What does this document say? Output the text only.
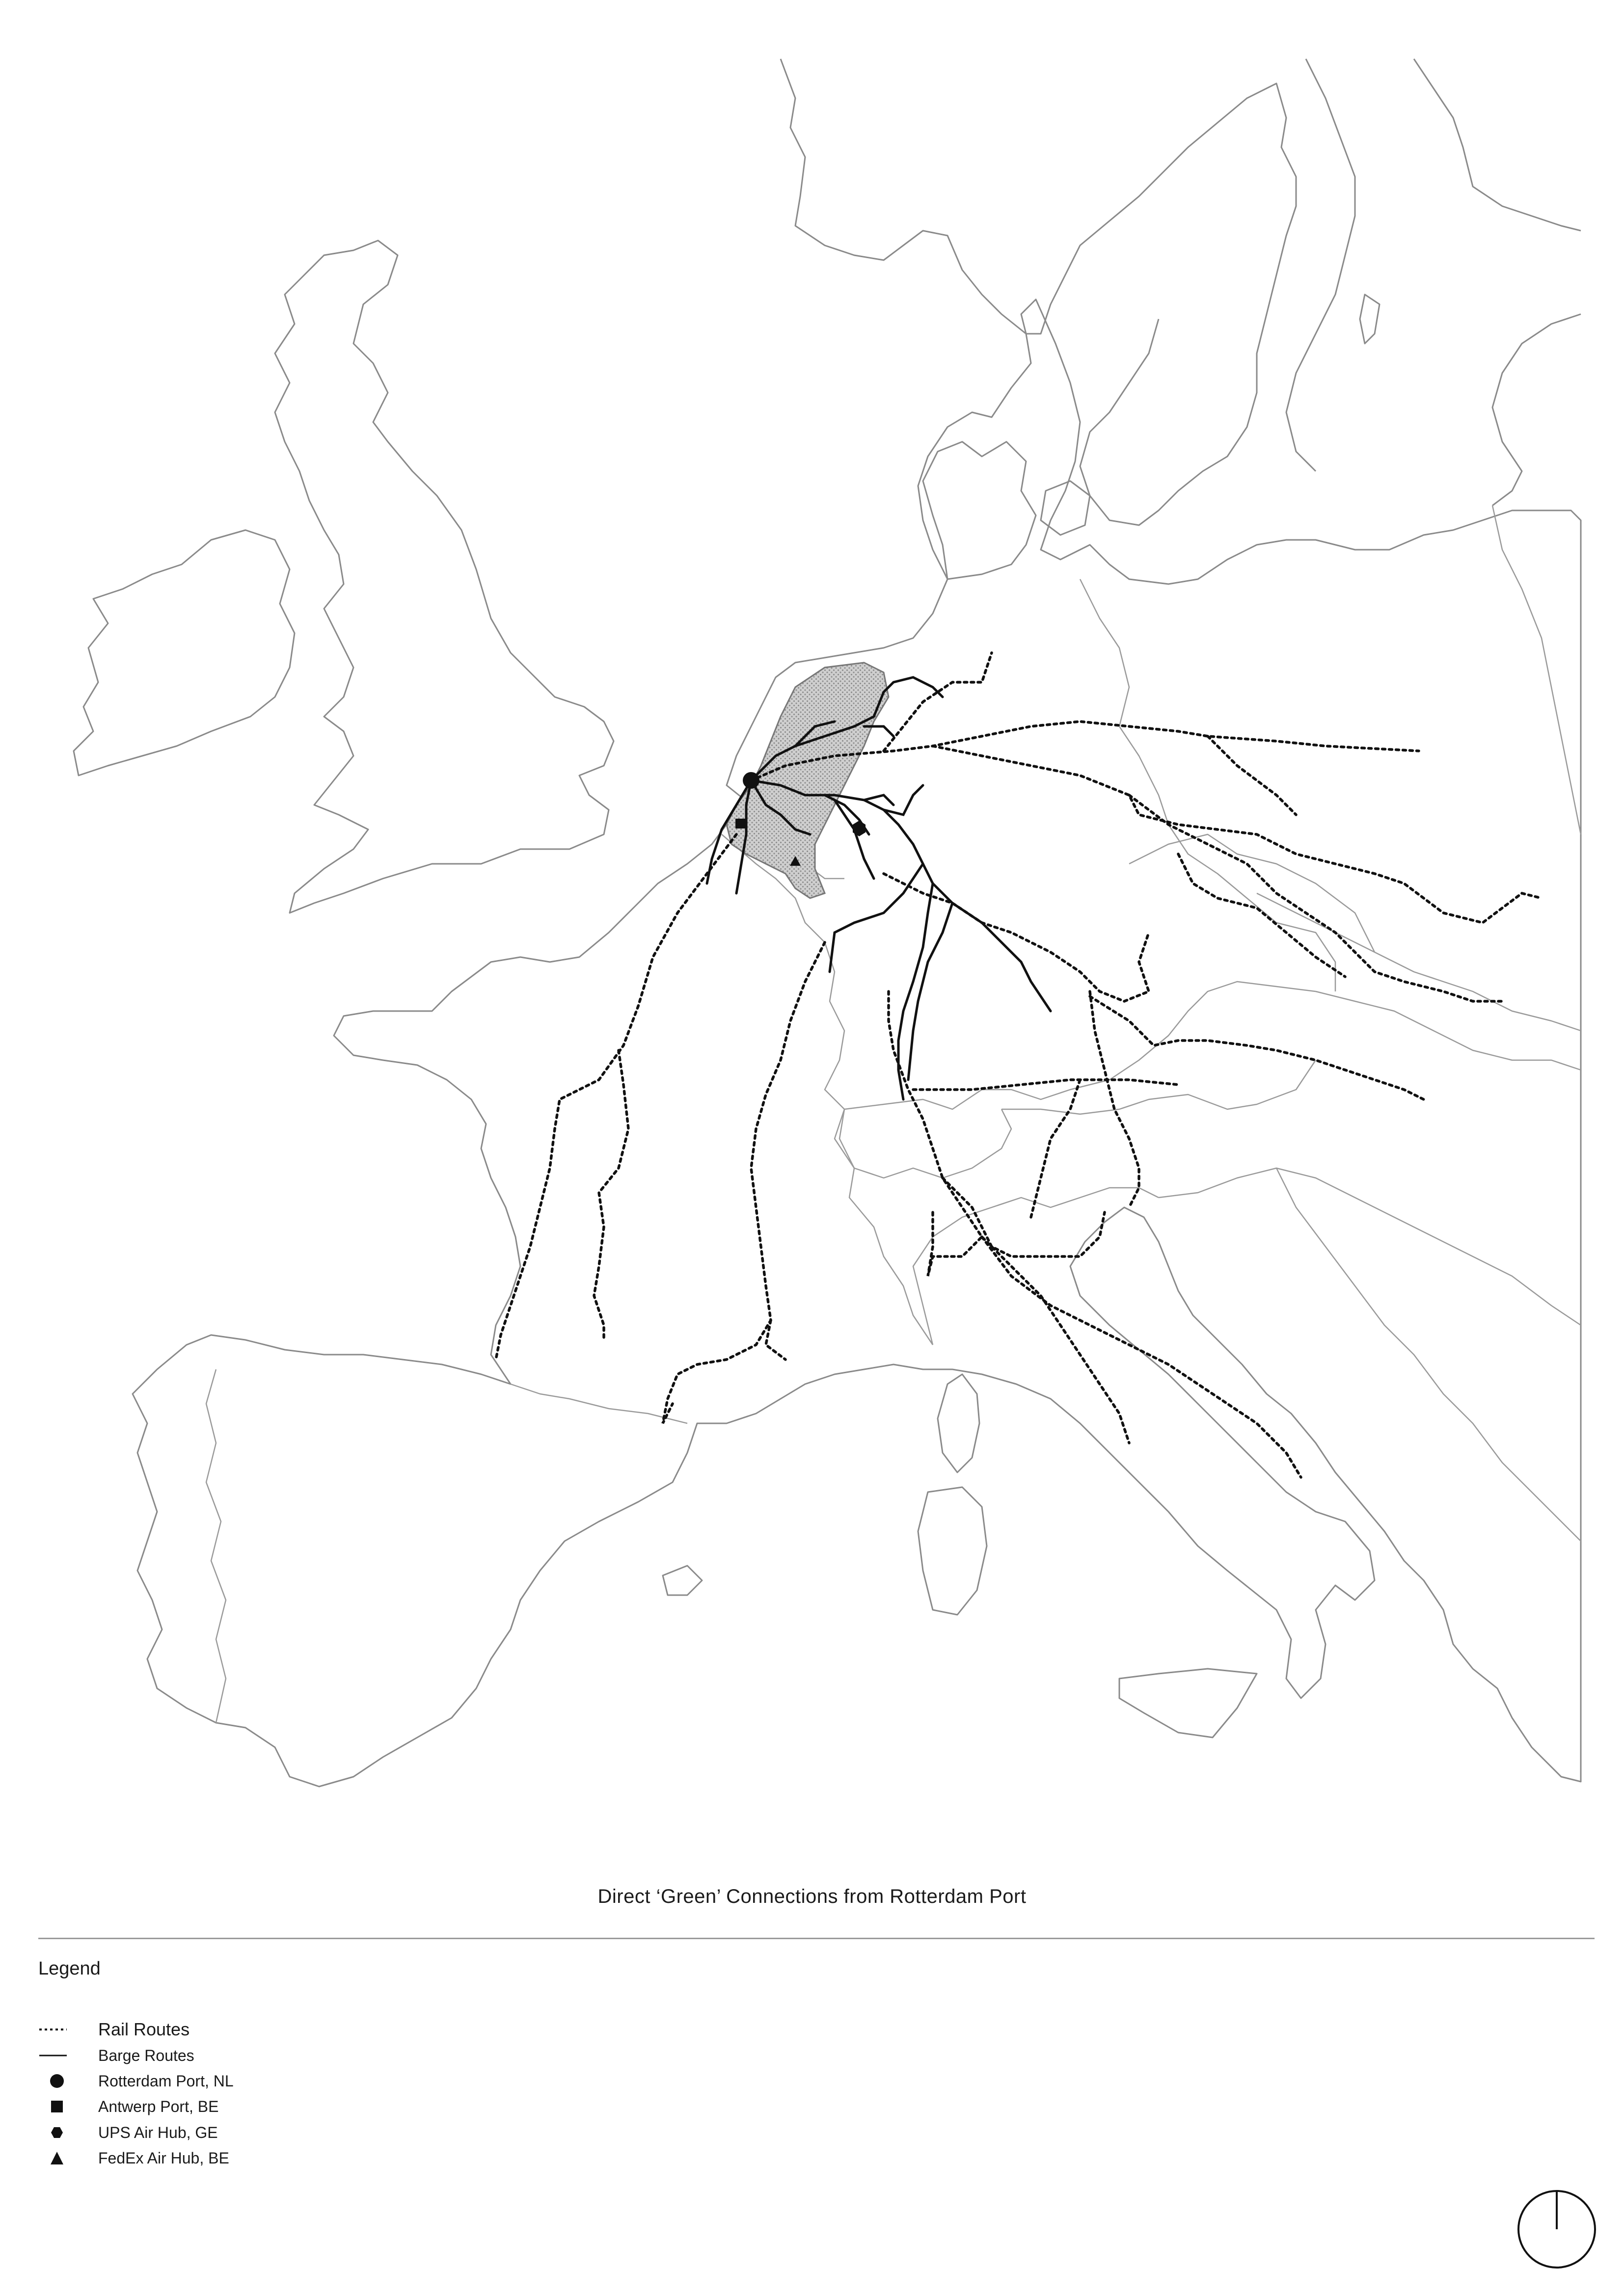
Direct ‘Green’ Connections from Rotterdam Port
Legend
Rail Routes
Barge Routes
Rotterdam Port, NL
Antwerp Port, BE
UPS Air Hub, GE
FedEx Air Hub, BE
